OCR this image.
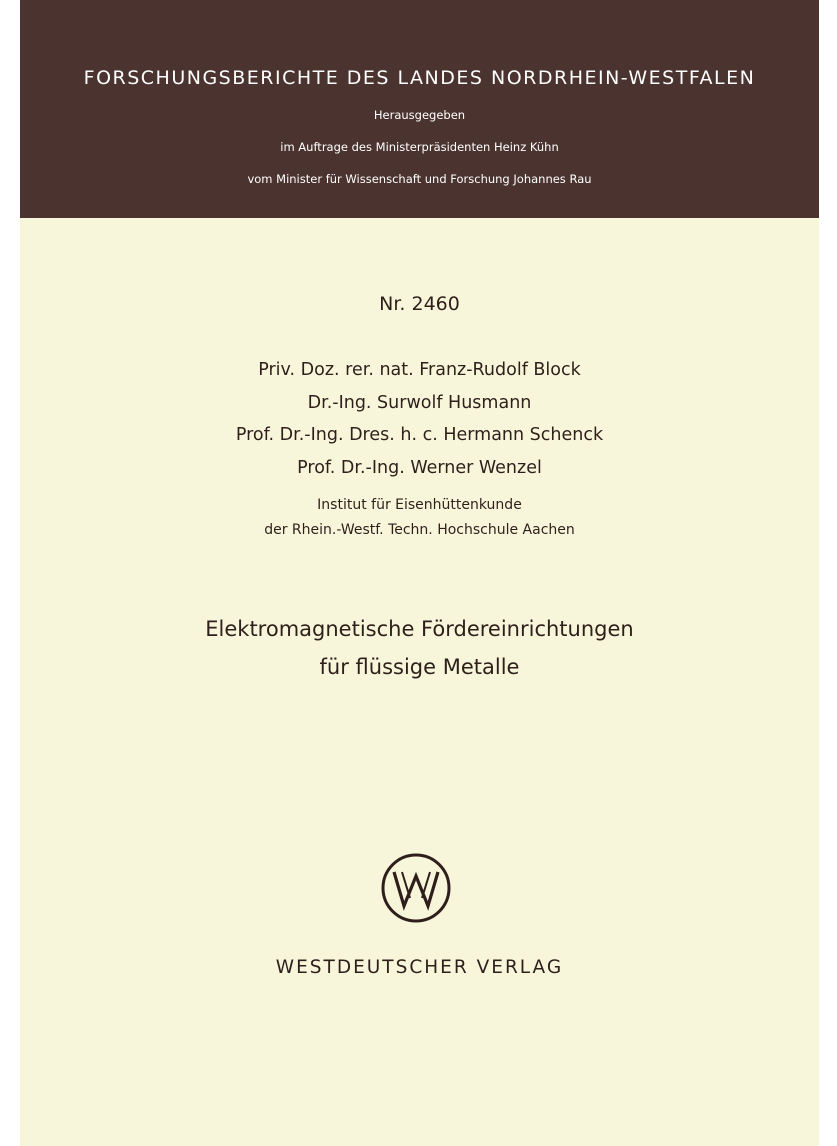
FORSCHUNGSBERICHTE DES LANDES NORDRHEIN-WESTFALEN
Herausgegeben
im Auftrage des Ministerpräsidenten Heinz Kühn
vom Minister für Wissenschaft und Forschung Johannes Rau
Nr. 2460
Priv. Doz. rer. nat. Franz-Rudolf Block
Dr.-Ing. Surwolf Husmann
Prof. Dr.-Ing. Dres. h. c. Hermann Schenck
Prof. Dr.-Ing. Werner Wenzel
Institut für Eisenhüttenkunde
der Rhein.-Westf. Techn. Hochschule Aachen
Elektromagnetische Fördereinrichtungen
für flüssige Metalle
WESTDEUTSCHER VERLAG
